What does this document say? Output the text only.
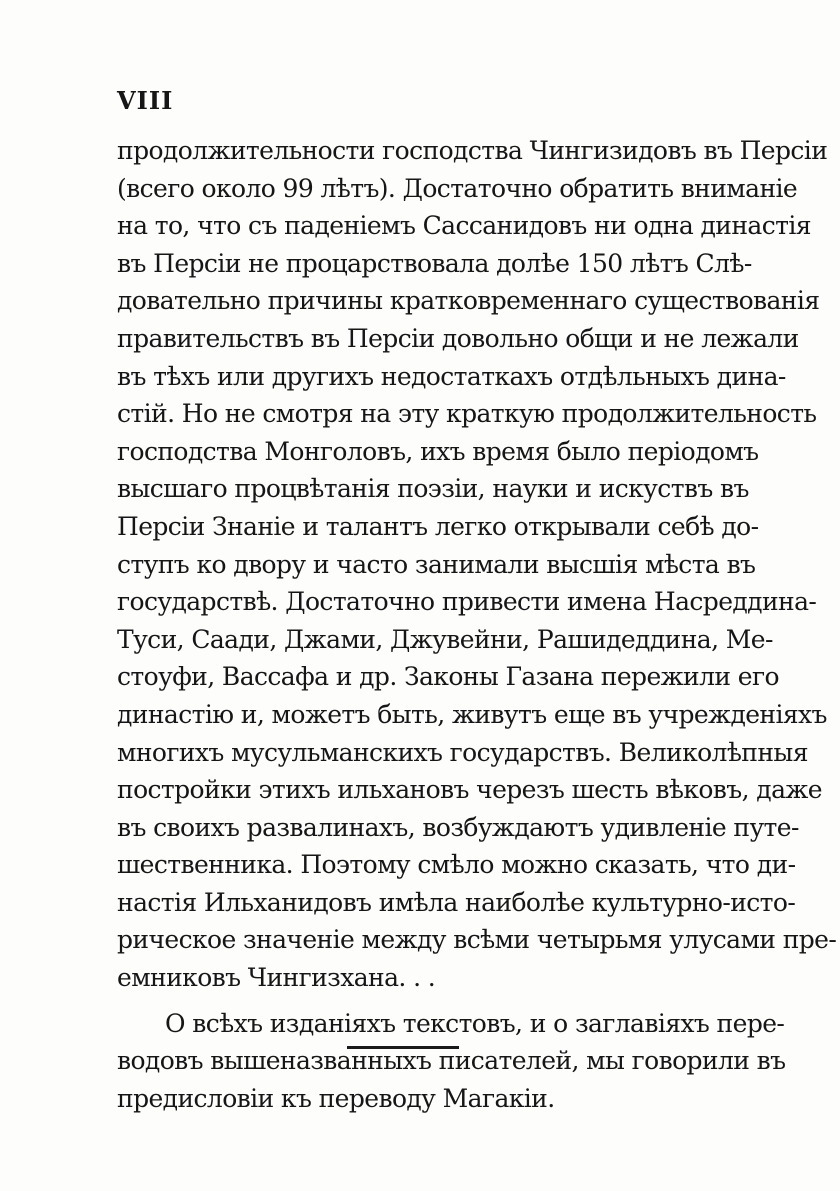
VIII
продолжительности господства Чингизидовъ въ Персіи
(всего около 99 лѣтъ). Достаточно обратить вниманіе
на то, что съ паденіемъ Сассанидовъ ни одна династія
въ Персіи не процарствовала долѣе 150 лѣтъ Слѣ-
довательно причины кратковременнаго существованія
правительствъ въ Персіи довольно общи и не лежали
въ тѣхъ или другихъ недостаткахъ отдѣльныхъ дина-
стій. Но не смотря на эту краткую продолжительность
господства Монголовъ, ихъ время было періодомъ
высшаго процвѣтанія поэзіи, науки и искуствъ въ
Персіи Знаніе и талантъ легко открывали себѣ до-
ступъ ко двору и часто занимали высшія мѣста въ
государствѣ. Достаточно привести имена Насреддина-
Туси, Саади, Джами, Джувейни, Рашидеддина, Ме-
стоуфи, Вассафа и др. Законы Газана пережили его
династію и, можетъ быть, живутъ еще въ учрежденіяхъ
многихъ мусульманскихъ государствъ. Великолѣпныя
постройки этихъ ильхановъ черезъ шесть вѣковъ, даже
въ своихъ развалинахъ, возбуждаютъ удивленіе путе-
шественника. Поэтому смѣло можно сказать, что ди-
настія Ильханидовъ имѣла наиболѣе культурно-исто-
рическое значеніе между всѣми четырьмя улусами пре-
емниковъ Чингизхана. . .
О всѣхъ изданіяхъ текстовъ, и о заглавіяхъ пере-
водовъ вышеназванныхъ писателей, мы говорили въ
предисловіи къ переводу Магакіи.
